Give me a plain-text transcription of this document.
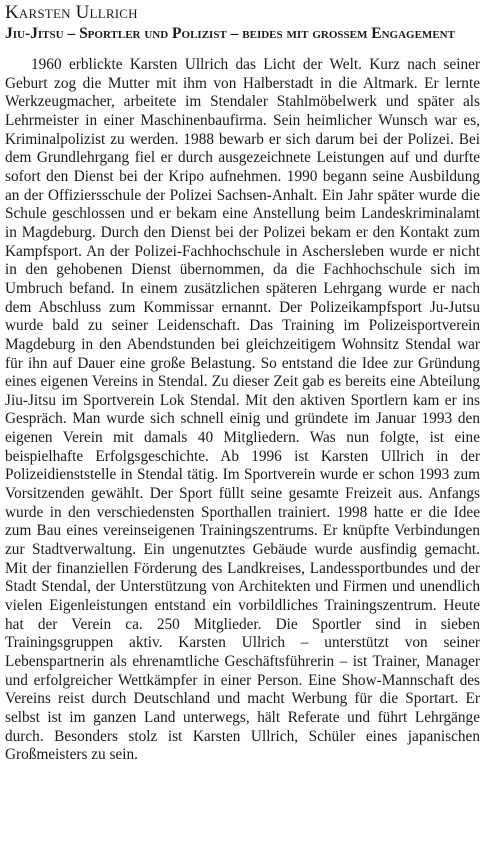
Karsten Ullrich
Jiu-Jitsu – Sportler und Polizist – beides mit großem Engagement

1960 erblickte Karsten Ullrich das Licht der Welt. Kurz nach seiner Geburt zog die Mutter mit ihm von Halberstadt in die Altmark. Er lernte Werkzeugmacher, arbeitete im Stendaler Stahlmöbelwerk und später als Lehrmeister in einer Maschinenbaufirma. Sein heimlicher Wunsch war es, Kriminalpolizist zu werden. 1988 bewarb er sich darum bei der Polizei. Bei dem Grundlehrgang fiel er durch ausgezeichnete Leistungen auf und durfte sofort den Dienst bei der Kripo aufnehmen. 1990 begann seine Ausbildung an der Offiziersschule der Polizei Sachsen-Anhalt. Ein Jahr später wurde die Schule geschlossen und er bekam eine Anstellung beim Landeskriminalamt in Magdeburg. Durch den Dienst bei der Polizei bekam er den Kontakt zum Kampfsport. An der Polizei-Fachhochschule in Aschersleben wurde er nicht in den gehobenen Dienst übernommen, da die Fachhochschule sich im Umbruch befand. In einem zusätzlichen späteren Lehrgang wurde er nach dem Abschluss zum Kommissar ernannt. Der Polizeikampfsport Ju-Jutsu wurde bald zu seiner Leidenschaft. Das Training im Polizeisportverein Magdeburg in den Abendstunden bei gleichzeitigem Wohnsitz Stendal war für ihn auf Dauer eine große Belastung. So entstand die Idee zur Gründung eines eigenen Vereins in Stendal. Zu dieser Zeit gab es bereits eine Abteilung Jiu-Jitsu im Sportverein Lok Stendal. Mit den aktiven Sportlern kam er ins Gespräch. Man wurde sich schnell einig und gründete im Januar 1993 den eigenen Verein mit damals 40 Mitgliedern. Was nun folgte, ist eine beispielhafte Erfolgsgeschichte. Ab 1996 ist Karsten Ullrich in der Polizeidienststelle in Stendal tätig. Im Sportverein wurde er schon 1993 zum Vorsitzenden gewählt. Der Sport füllt seine gesamte Freizeit aus. Anfangs wurde in den verschiedensten Sporthallen trainiert. 1998 hatte er die Idee zum Bau eines vereinseigenen Trainingszentrums. Er knüpfte Verbindungen zur Stadtverwaltung. Ein ungenutztes Gebäude wurde ausfindig gemacht. Mit der finanziellen Förderung des Landkreises, Landessportbundes und der Stadt Stendal, der Unterstützung von Architekten und Firmen und unendlich vielen Eigenleistungen entstand ein vorbildliches Trainingszentrum. Heute hat der Verein ca. 250 Mitglieder. Die Sportler sind in sieben Trainingsgruppen aktiv. Karsten Ullrich – unterstützt von seiner Lebenspartnerin als ehrenamtliche Geschäftsführerin – ist Trainer, Manager und erfolgreicher Wettkämpfer in einer Person. Eine Show-Mannschaft des Vereins reist durch Deutschland und macht Werbung für die Sportart. Er selbst ist im ganzen Land unterwegs, hält Referate und führt Lehrgänge durch. Besonders stolz ist Karsten Ullrich, Schüler eines japanischen Großmeisters zu sein.
